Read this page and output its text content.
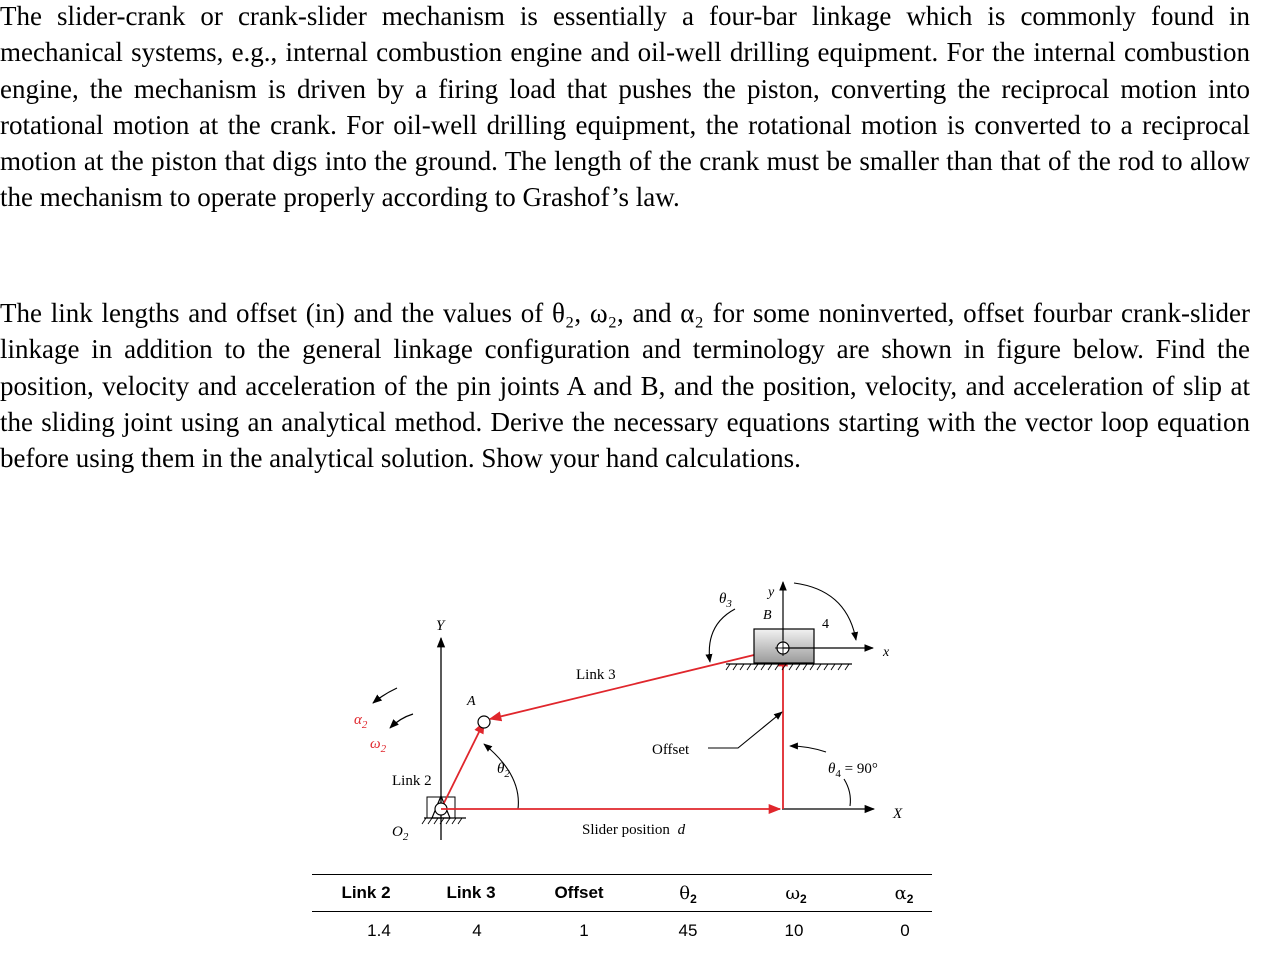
The slider-crank or crank-slider mechanism is essentially a four-bar linkage which is commonly found in mechanical systems, e.g., internal combustion engine and oil-well drilling equipment. For the internal combustion engine, the mechanism is driven by a firing load that pushes the piston, converting the reciprocal motion into rotational motion at the crank. For oil-well drilling equipment, the rotational motion is converted to a reciprocal motion at the piston that digs into the ground. The length of the crank must be smaller than that of the rod to allow the mechanism to operate properly according to Grashof’s law.

The link lengths and offset (in) and the values of θ₂, ω₂, and α₂ for some noninverted, offset fourbar crank-slider linkage in addition to the general linkage configuration and terminology are shown in figure below. Find the position, velocity and acceleration of the pin joints A and B, and the position, velocity, and acceleration of slip at the sliding joint using an analytical method. Derive the necessary equations starting with the vector loop equation before using them in the analytical solution. Show your hand calculations.

Y
X
$O_2$
A
Link 2
$\theta_2$
$\alpha_2$
$\omega_2$
Link 3
Slider position d
Offset
$\theta_4 = 90^\circ$
B
y
x
4
$\theta_3$
Link 2	Link 3	Offset	$\theta_2$	$\omega_2$	$\alpha_2$
1.4	4	1	45	10	0
